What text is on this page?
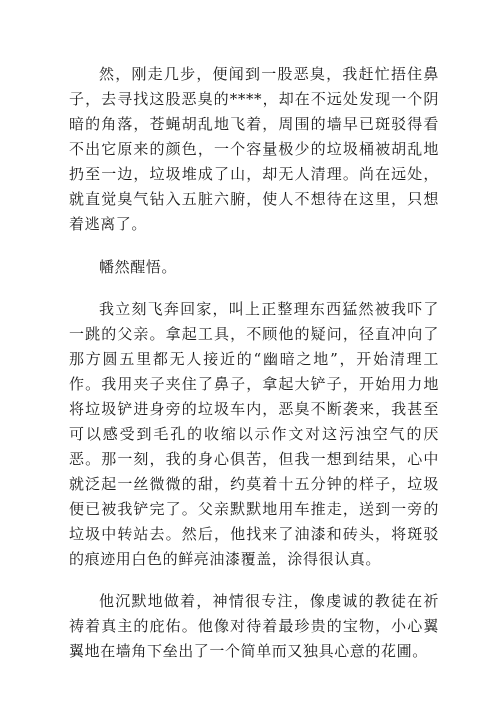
然，刚走几步，便闻到一股恶臭，我赶忙捂住鼻子，去寻找这股恶臭的****，却在不远处发现一个阴暗的角落，苍蝇胡乱地飞着，周围的墙早已斑驳得看不出它原来的颜色，一个容量极少的垃圾桶被胡乱地扔至一边，垃圾堆成了山，却无人清理。尚在远处，就直觉臭气钻入五脏六腑，使人不想待在这里，只想着逃离了。

幡然醒悟。

我立刻飞奔回家，叫上正整理东西猛然被我吓了一跳的父亲。拿起工具，不顾他的疑问，径直冲向了那方圆五里都无人接近的“幽暗之地”，开始清理工作。我用夹子夹住了鼻子，拿起大铲子，开始用力地将垃圾铲进身旁的垃圾车内，恶臭不断袭来，我甚至可以感受到毛孔的收缩以示作文对这污浊空气的厌恶。那一刻，我的身心俱苦，但我一想到结果，心中就泛起一丝微微的甜，约莫着十五分钟的样子，垃圾便已被我铲完了。父亲默默地用车推走，送到一旁的垃圾中转站去。然后，他找来了油漆和砖头，将斑驳的痕迹用白色的鲜亮油漆覆盖，涂得很认真。

他沉默地做着，神情很专注，像虔诚的教徒在祈祷着真主的庇佑。他像对待着最珍贵的宝物，小心翼翼地在墙角下垒出了一个简单而又独具心意的花圃。
